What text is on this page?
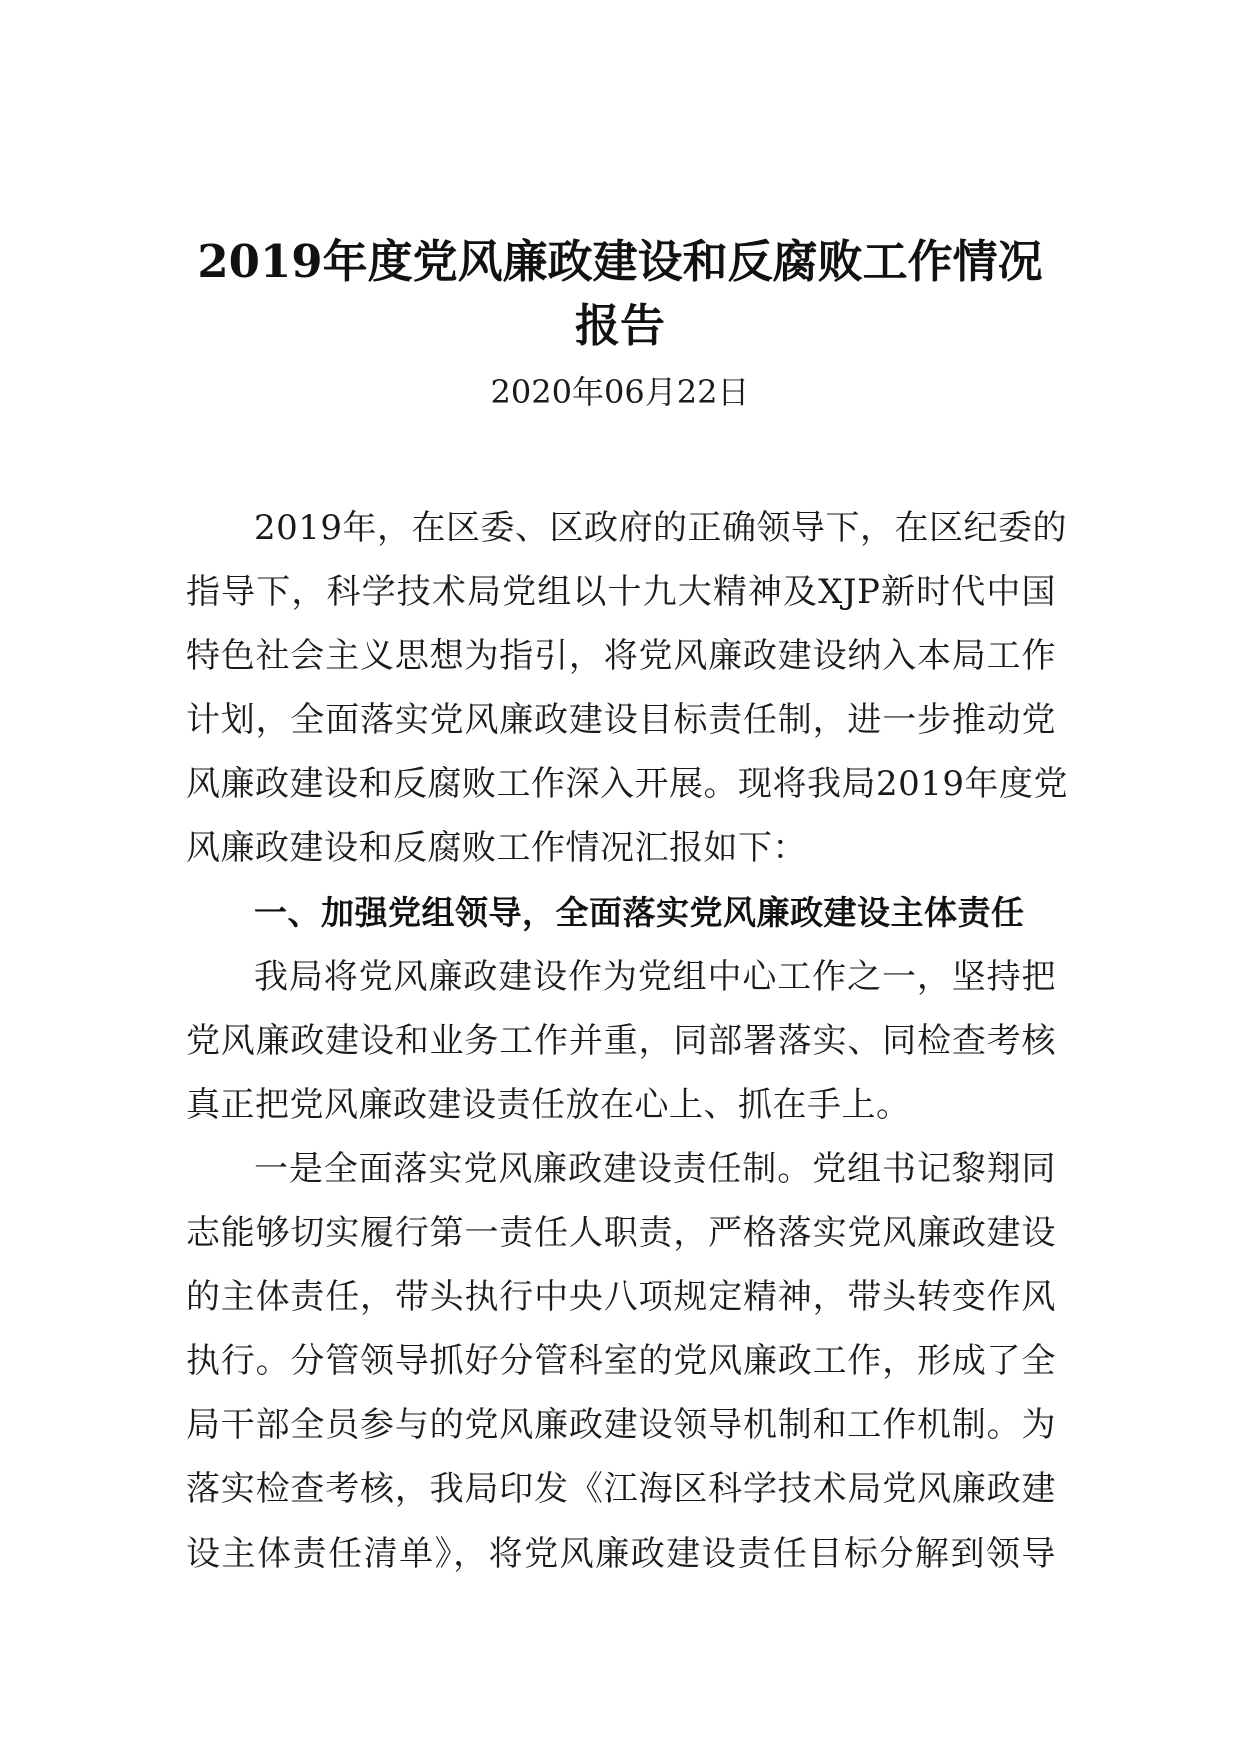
2019年度党风廉政建设和反腐败工作情况
报告
2020年06月22日
2019年，在区委、区政府的正确领导下，在区纪委的
指导下，科学技术局党组以十九大精神及XJP新时代中国
特色社会主义思想为指引，将党风廉政建设纳入本局工作
计划，全面落实党风廉政建设目标责任制，进一步推动党
风廉政建设和反腐败工作深入开展。现将我局2019年度党
风廉政建设和反腐败工作情况汇报如下：
一、加强党组领导，全面落实党风廉政建设主体责任
我局将党风廉政建设作为党组中心工作之一，坚持把
党风廉政建设和业务工作并重，同部署落实、同检查考核
真正把党风廉政建设责任放在心上、抓在手上。
一是全面落实党风廉政建设责任制。党组书记黎翔同
志能够切实履行第一责任人职责，严格落实党风廉政建设
的主体责任，带头执行中央八项规定精神，带头转变作风
执行。分管领导抓好分管科室的党风廉政工作，形成了全
局干部全员参与的党风廉政建设领导机制和工作机制。为
落实检查考核，我局印发《江海区科学技术局党风廉政建
设主体责任清单》，将党风廉政建设责任目标分解到领导
